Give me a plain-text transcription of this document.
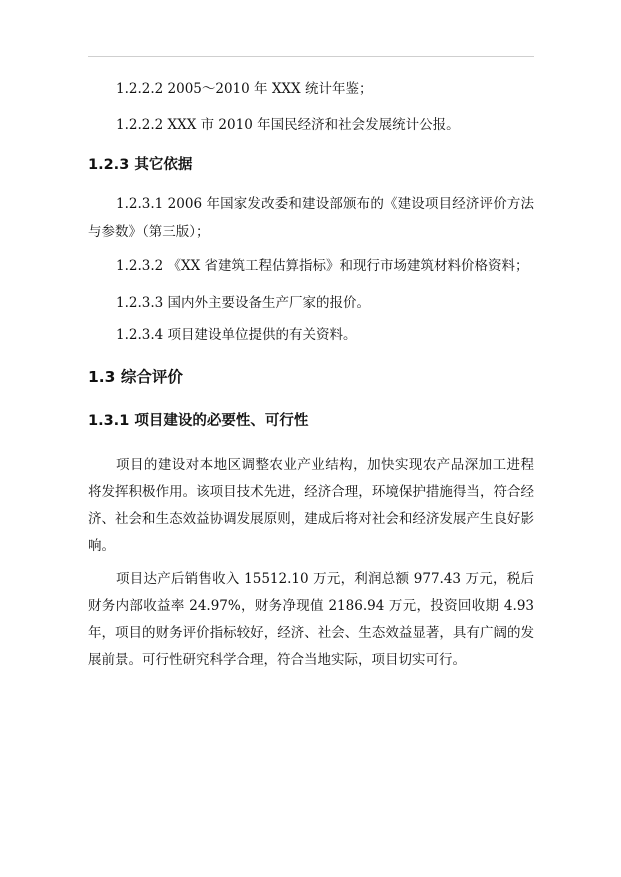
1.2.2.2 2005～2010 年 XXX 统计年鉴；

1.2.2.2 XXX 市 2010 年国民经济和社会发展统计公报。

1.2.3 其它依据

1.2.3.1 2006 年国家发改委和建设部颁布的《建设项目经济评价方法与参数》（第三版）；

1.2.3.2 《XX 省建筑工程估算指标》和现行市场建筑材料价格资料；

1.2.3.3 国内外主要设备生产厂家的报价。

1.2.3.4 项目建设单位提供的有关资料。

1.3 综合评价

1.3.1 项目建设的必要性、可行性

项目的建设对本地区调整农业产业结构，加快实现农产品深加工进程将发挥积极作用。该项目技术先进，经济合理，环境保护措施得当，符合经济、社会和生态效益协调发展原则，建成后将对社会和经济发展产生良好影响。

项目达产后销售收入 15512.10 万元，利润总额 977.43 万元，税后财务内部收益率 24.97%，财务净现值 2186.94 万元，投资回收期 4.93 年，项目的财务评价指标较好，经济、社会、生态效益显著，具有广阔的发展前景。可行性研究科学合理，符合当地实际，项目切实可行。
